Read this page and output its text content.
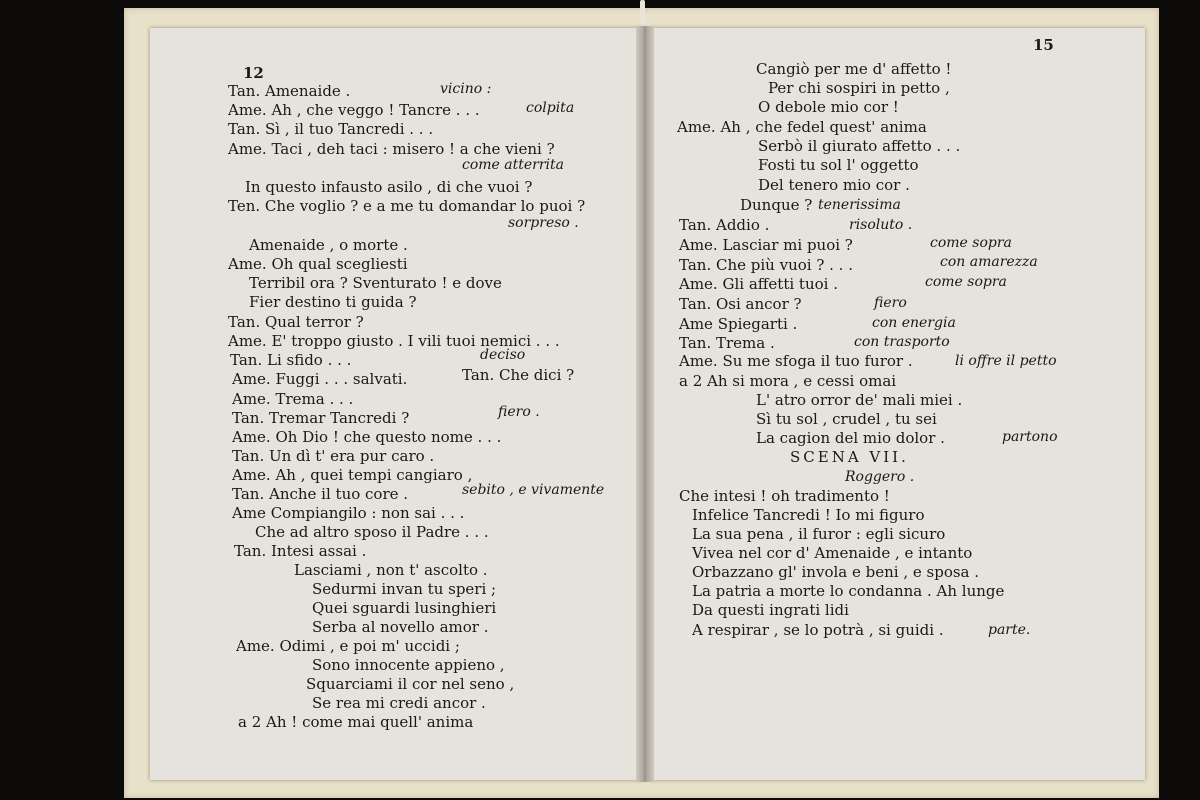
12
Tan. Amenaide .	vicino :
Ame. Ah , che veggo ! Tancre . . .	colpita
Tan. Sì , il tuo Tancredi . . .
Ame. Taci , deh taci : misero ! a che vieni ?
come atterrita
In questo infausto asilo , di che vuoi ?
Ten. Che voglio ? e a me tu domandar lo puoi ?
sorpreso .
Amenaide , o morte .
Ame. Oh qual scegliesti
Terribil ora ? Sventurato ! e dove
Fier destino ti guida ?
Tan. Qual terror ?
Ame. E' troppo giusto . I vili tuoi nemici . . .
Tan. Li sfido . . .	deciso
Ame. Fuggi . . . salvati.	Tan. Che dici ?
Ame. Trema . . .
Tan. Tremar Tancredi ?	fiero .
Ame. Oh Dio ! che questo nome . . .
Tan. Un dì t' era pur caro .
Ame. Ah , quei tempi cangiaro ,
Tan. Anche il tuo core .	sebito , e vivamente
Ame Compiangilo : non sai . . .
Che ad altro sposo il Padre . . .
Tan. Intesi assai .
Lasciami , non t' ascolto .
Sedurmi invan tu speri ;
Quei sguardi lusinghieri
Serba al novello amor .
Ame. Odimi , e poi m' uccidi ;
Sono innocente appieno ,
Squarciami il cor nel seno ,
Se rea mi credi ancor .
a 2 Ah ! come mai quell' anima
15
Cangiò per me d' affetto !
Per chi sospiri in petto ,
O debole mio cor !
Ame. Ah , che fedel quest' anima
Serbò il giurato affetto . . .
Fosti tu sol l' oggetto
Del tenero mio cor .
Dunque ? tenerissima
Tan. Addio .	risoluto .
Ame. Lasciar mi puoi ?	come sopra
Tan. Che più vuoi ? . . .	con amarezza
Ame. Gli affetti tuoi .	come sopra
Tan. Osi ancor ?	fiero
Ame Spiegarti .	con energia
Tan. Trema .	con trasporto
Ame. Su me sfoga il tuo furor .	li offre il petto
a 2 Ah si mora , e cessi omai
L' atro orror de' mali miei .
Sì tu sol , crudel , tu sei
La cagion del mio dolor .	partono
SCENA VII.
Roggero .
Che intesi ! oh tradimento !
Infelice Tancredi ! Io mi figuro
La sua pena , il furor : egli sicuro
Vivea nel cor d' Amenaide , e intanto
Orbazzano gl' invola e beni , e sposa .
La patria a morte lo condanna . Ah lunge
Da questi ingrati lidi
A respirar , se lo potrà , si guidi .	parte.
